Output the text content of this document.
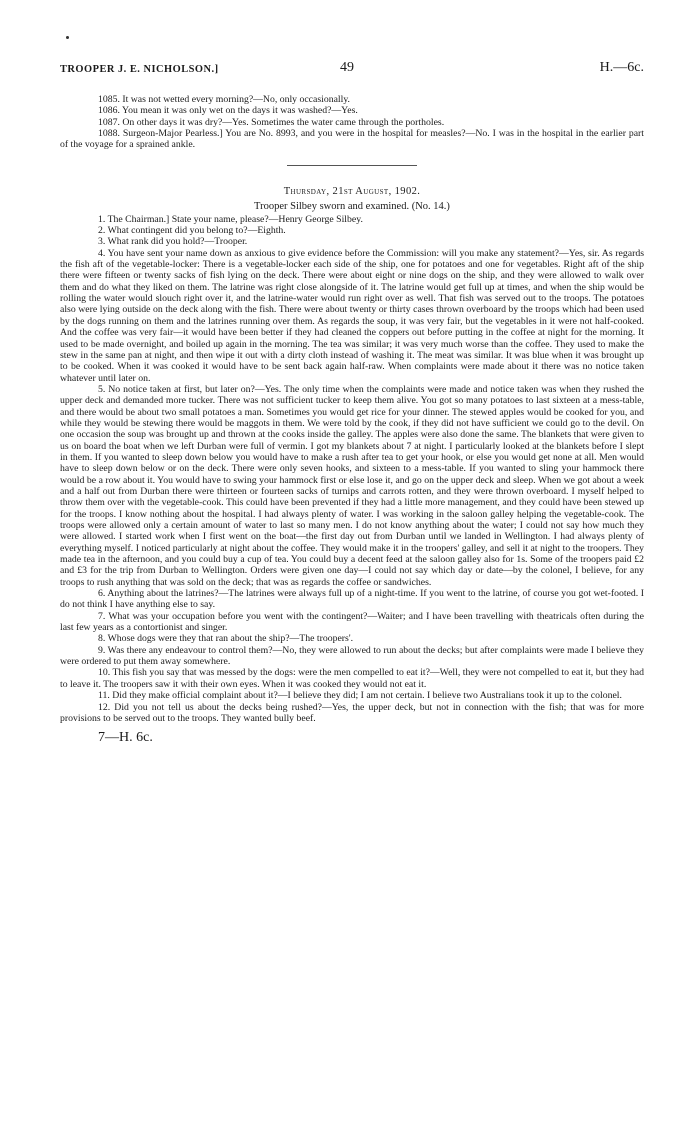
TROOPER J. E. NICHOLSON.]	49	H.—6c.

1085. It was not wetted every morning?—No, only occasionally.

1086. You mean it was only wet on the days it was washed?—Yes.

1087. On other days it was dry?—Yes. Sometimes the water came through the portholes.

1088. Surgeon-Major Pearless.] You are No. 8993, and you were in the hospital for measles?—No. I was in the hospital in the earlier part of the voyage for a sprained ankle.

Thursday, 21st August, 1902.
Trooper Silbey sworn and examined. (No. 14.)

1. The Chairman.] State your name, please?—Henry George Silbey.

2. What contingent did you belong to?—Eighth.

3. What rank did you hold?—Trooper.

4. You have sent your name down as anxious to give evidence before the Commission: will you make any statement?—Yes, sir. As regards the fish aft of the vegetable-locker: There is a vegetable-locker each side of the ship, one for potatoes and one for vegetables. Right aft of the ship there were fifteen or twenty sacks of fish lying on the deck. There were about eight or nine dogs on the ship, and they were allowed to walk over them and do what they liked on them. The latrine was right close alongside of it. The latrine would get full up at times, and when the ship would be rolling the water would slouch right over it, and the latrine-water would run right over as well. That fish was served out to the troops. The potatoes also were lying outside on the deck along with the fish. There were about twenty or thirty cases thrown overboard by the troops which had been used by the dogs running on them and the latrines running over them. As regards the soup, it was very fair, but the vegetables in it were not half-cooked. And the coffee was very fair—it would have been better if they had cleaned the coppers out before putting in the coffee at night for the morning. It used to be made overnight, and boiled up again in the morning. The tea was similar; it was very much worse than the coffee. They used to make the stew in the same pan at night, and then wipe it out with a dirty cloth instead of washing it. The meat was similar. It was blue when it was brought up to be cooked. When it was cooked it would have to be sent back again half-raw. When complaints were made about it there was no notice taken whatever until later on.

5. No notice taken at first, but later on?—Yes. The only time when the complaints were made and notice taken was when they rushed the upper deck and demanded more tucker. There was not sufficient tucker to keep them alive. You got so many potatoes to last sixteen at a mess-table, and there would be about two small potatoes a man. Sometimes you would get rice for your dinner. The stewed apples would be cooked for you, and while they would be stewing there would be maggots in them. We were told by the cook, if they did not have sufficient we could go to the devil. On one occasion the soup was brought up and thrown at the cooks inside the galley. The apples were also done the same. The blankets that were given to us on board the boat when we left Durban were full of vermin. I got my blankets about 7 at night. I particularly looked at the blankets before I slept in them. If you wanted to sleep down below you would have to make a rush after tea to get your hook, or else you would get none at all. Men would have to sleep down below or on the deck. There were only seven hooks, and sixteen to a mess-table. If you wanted to sling your hammock there would be a row about it. You would have to swing your hammock first or else lose it, and go on the upper deck and sleep. When we got about a week and a half out from Durban there were thirteen or fourteen sacks of turnips and carrots rotten, and they were thrown overboard. I myself helped to throw them over with the vegetable-cook. This could have been prevented if they had a little more management, and they could have been stewed up for the troops. I know nothing about the hospital. I had always plenty of water. I was working in the saloon galley helping the vegetable-cook. The troops were allowed only a certain amount of water to last so many men. I do not know anything about the water; I could not say how much they were allowed. I started work when I first went on the boat—the first day out from Durban until we landed in Wellington. I had always plenty of everything myself. I noticed particularly at night about the coffee. They would make it in the troopers' galley, and sell it at night to the troopers. They made tea in the afternoon, and you could buy a cup of tea. You could buy a decent feed at the saloon galley also for 1s. Some of the troopers paid £2 and £3 for the trip from Durban to Wellington. Orders were given one day—I could not say which day or date—by the colonel, I believe, for any troops to rush anything that was sold on the deck; that was as regards the coffee or sandwiches.

6. Anything about the latrines?—The latrines were always full up of a night-time. If you went to the latrine, of course you got wet-footed. I do not think I have anything else to say.

7. What was your occupation before you went with the contingent?—Waiter; and I have been travelling with theatricals often during the last few years as a contortionist and singer.

8. Whose dogs were they that ran about the ship?—The troopers'.

9. Was there any endeavour to control them?—No, they were allowed to run about the decks; but after complaints were made I believe they were ordered to put them away somewhere.

10. This fish you say that was messed by the dogs: were the men compelled to eat it?—Well, they were not compelled to eat it, but they had to leave it. The troopers saw it with their own eyes. When it was cooked they would not eat it.

11. Did they make official complaint about it?—I believe they did; I am not certain. I believe two Australians took it up to the colonel.

12. Did you not tell us about the decks being rushed?—Yes, the upper deck, but not in connection with the fish; that was for more provisions to be served out to the troops. They wanted bully beef.

7—H. 6c.
